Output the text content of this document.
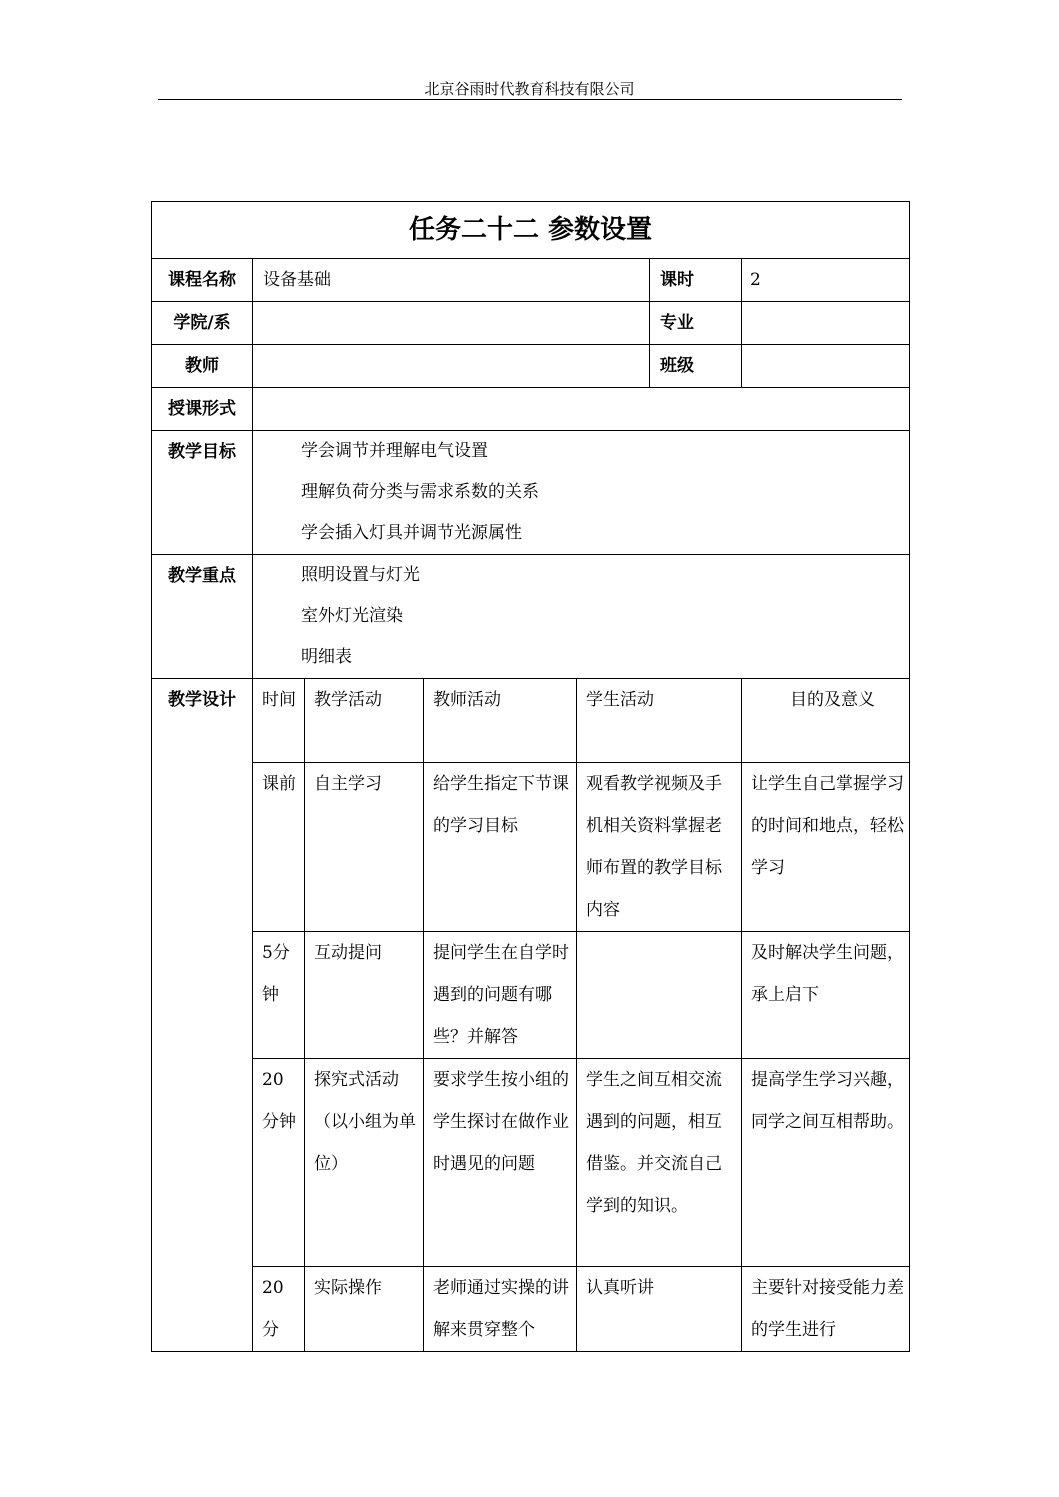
北京谷雨时代教育科技有限公司
任务二十二 参数设置						
课程名称	设备基础				课时	2
学院/系					专业	
教师					班级	
授课形式						
教学目标	学会调节并理解电气设置
理解负荷分类与需求系数的关系
学会插入灯具并调节光源属性					

教学重点	照明设置与灯光
室外灯光渲染
明细表					

教学设计	时间	教学活动	教师活动	学生活动		目的及意义
	课前	自主学习	给学生指定下节课的学习目标	观看教学视频及手机相关资料掌握老师布置的教学目标内容		让学生自己掌握学习的时间和地点，轻松学习
	5分钟	互动提问	提问学生在自学时遇到的问题有哪些？并解答			及时解决学生问题，承上启下
	20分钟	探究式活动（以小组为单位）	要求学生按小组的学生探讨在做作业时遇见的问题	学生之间互相交流遇到的问题，相互借鉴。并交流自己学到的知识。		提高学生学习兴趣，同学之间互相帮助。
	20分	实际操作	老师通过实操的讲解来贯穿整个	认真听讲		主要针对接受能力差的学生进行
